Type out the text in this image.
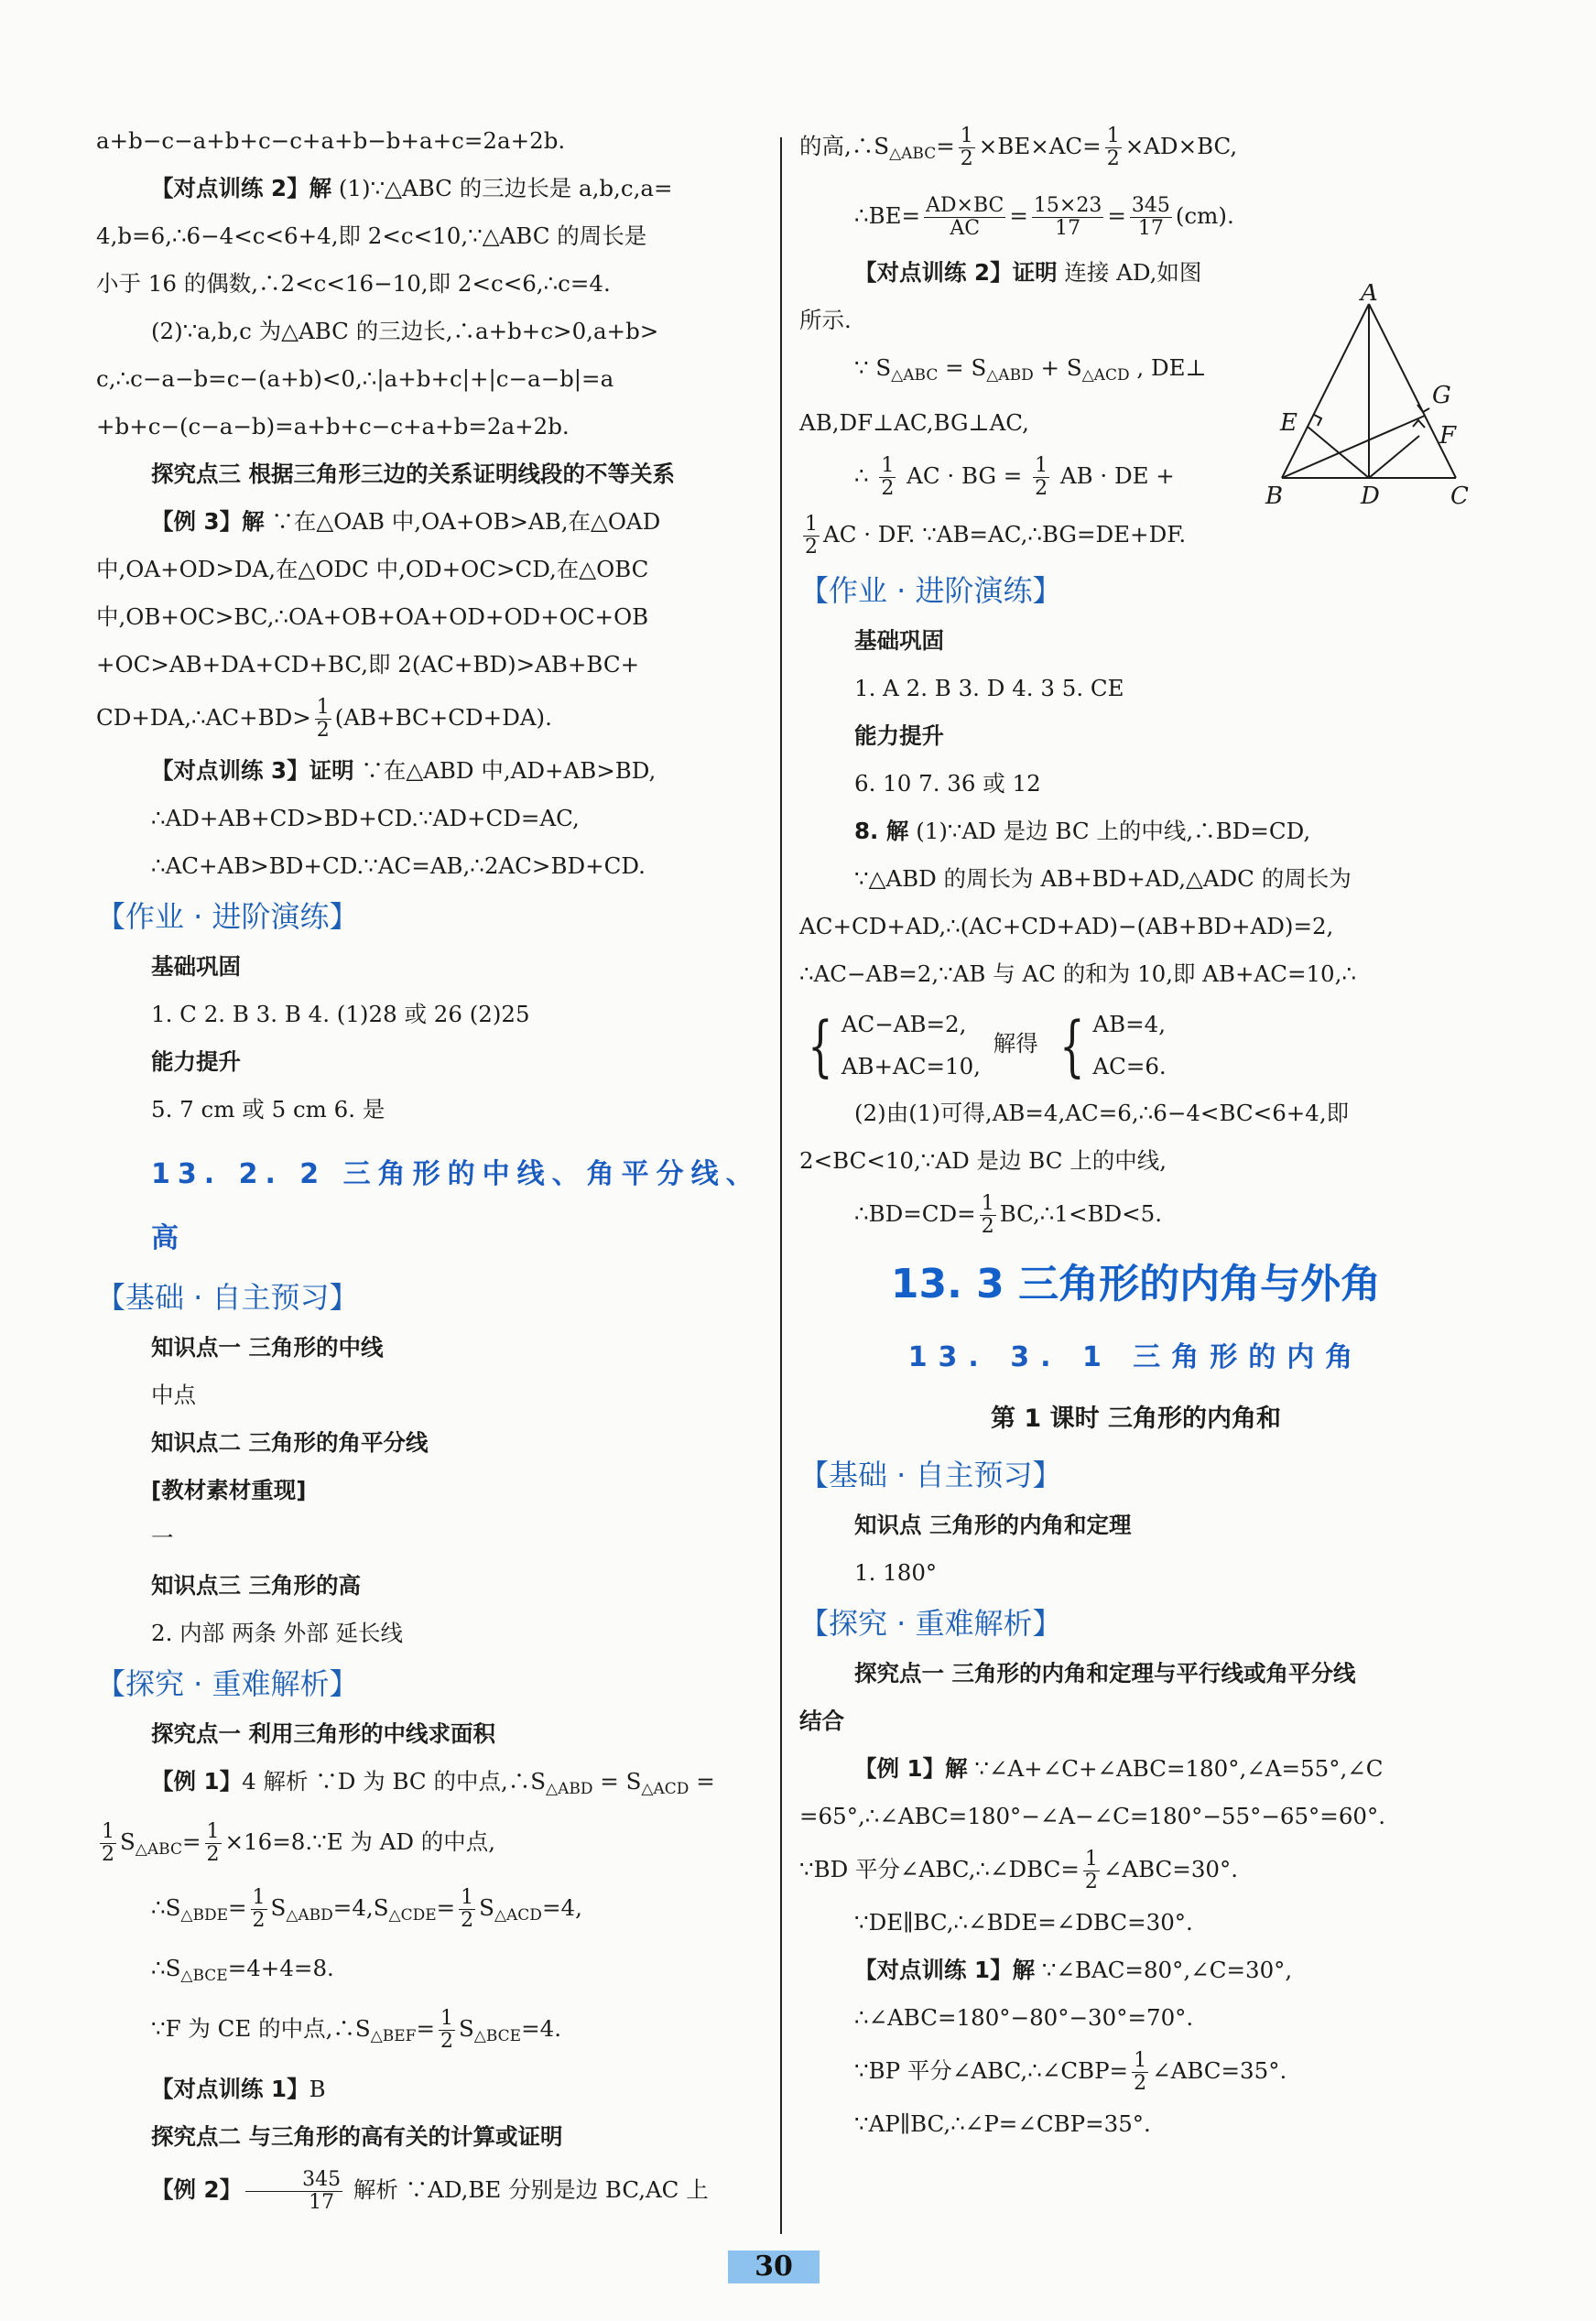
a+b−c−a+b+c−c+a+b−b+a+c=2a+2b.
【对点训练 2】解 (1)∵△ABC 的三边长是 a,b,c,a=
4,b=6,∴6−4<c<6+4,即 2<c<10,∵△ABC 的周长是
小于 16 的偶数,∴2<c<16−10,即 2<c<6,∴c=4.
(2)∵a,b,c 为△ABC 的三边长,∴a+b+c>0,a+b>
c,∴c−a−b=c−(a+b)<0,∴|a+b+c|+|c−a−b|=a
+b+c−(c−a−b)=a+b+c−c+a+b=2a+2b.
探究点三 根据三角形三边的关系证明线段的不等关系
【例 3】解 ∵在△OAB 中,OA+OB>AB,在△OAD
中,OA+OD>DA,在△ODC 中,OD+OC>CD,在△OBC
中,OB+OC>BC,∴OA+OB+OA+OD+OD+OC+OB
+OC>AB+DA+CD+BC,即 2(AC+BD)>AB+BC+
CD+DA,∴AC+BD> $\frac{1}{2} (AB+BC+CD+DA)$.
【对点训练 3】证明 ∵在△ABD 中,AD+AB>BD,
∴AD+AB+CD>BD+CD.∵AD+CD=AC,
∴AC+AB>BD+CD.∵AC=AB,∴2AC>BD+CD.
【作业 · 进阶演练】
基础巩固
1. C 2. B 3. B 4. (1)28 或 26 (2)25
能力提升
5. 7 cm 或 5 cm 6. 是
13. 2. 2 三角形的中线、角平分线、高
【基础 · 自主预习】
知识点一 三角形的中线
中点
知识点二 三角形的角平分线
[教材素材重现]
一
知识点三 三角形的高
2. 内部 两条 外部 延长线
【探究 · 重难解析】
探究点一 利用三角形的中线求面积
【例 1】4 解析 ∵D 为 BC 的中点$,\therefore S_{\triangle ABD} = S_{\triangle ACD}$ =
$\frac{1}{2} S_{\triangle ABC}= \frac{1}{2}$ ×16=8.∵E 为 AD 的中点,
$\therefore S_{\triangle BDE}= \frac{1}{2} S_{\triangle ABD}=4,S_{\triangle CDE}= \frac{1}{2} S_{\triangle ACD}=4$,
$\therefore S_{\triangle BCE}=4+4=8$.
∵F 为 CE 的中点$,\therefore S_{\triangle BEF}= \frac{1}{2} S_{\triangle BCE}=4$.
【对点训练 1】B
探究点二 与三角形的高有关的计算或证明
【例 2】 $\frac{345}{17}$ 解析 ∵AD,BE 分别是边 BC,AC 上
的高$,\therefore S_{\triangle ABC}= \frac{1}{2} \times BE\times AC= \frac{1}{2} \times AD\times BC$,
∴BE= $\frac{AD\times BC}{AC} = \frac{15\times 23}{17} = \frac{345}{17} (cm)$.
【对点训练 2】证明 连接 AD,如图
所示.
∵ $S_{\triangle ABC} = S_{\triangle ABD} + S_{\triangle ACD}$ , DE⊥
AB,DF⊥AC,BG⊥AC,
∴ $\frac{1}{2}$ AC · BG = $\frac{1}{2}$ AB · DE +
$\frac{1}{2}$ AC · DF. ∵AB=AC,∴BG=DE+DF.
【作业 · 进阶演练】
基础巩固
1. A 2. B 3. D 4. 3 5. CE
能力提升
6. 10 7. 36 或 12
8. 解 (1)∵AD 是边 BC 上的中线,∴BD=CD,
∵△ABD 的周长为 AB+BD+AD,△ADC 的周长为
AC+CD+AD,∴(AC+CD+AD)−(AB+BD+AD)=2,
∴AC−AB=2,∵AB 与 AC 的和为 10,即 AB+AC=10,∴
{ AC−AB=2,
AB+AC=10,
解得 { AB=4,
AC=6.
(2)由(1)可得,AB=4,AC=6,∴6−4<BC<6+4,即
2<BC<10,∵AD 是边 BC 上的中线,
∴BD=CD= $\frac{1}{2}$ BC,∴1<BD<5.
13. 3 三角形的内角与外角
13. 3. 1 三角形的内角
第 1 课时 三角形的内角和
【基础 · 自主预习】
知识点 三角形的内角和定理
1. 180°
【探究 · 重难解析】
探究点一 三角形的内角和定理与平行线或角平分线
结合
【例 1】解 ∵∠A+∠C+∠ABC=180°,∠A=55°,∠C
=65°,∴∠ABC=180°−∠A−∠C=180°−55°−65°=60°.
∵BD 平分∠ABC,∴∠DBC= $\frac{1}{2}$ ∠ABC=30°.
∵DE∥BC,∴∠BDE=∠DBC=30°.
【对点训练 1】解 ∵∠BAC=80°,∠C=30°,
∴∠ABC=180°−80°−30°=70°.
∵BP 平分∠ABC,∴∠CBP= $\frac{1}{2}$ ∠ABC=35°.
∵AP∥BC,∴∠P=∠CBP=35°.
A
B	C
D
E	F
G
30
